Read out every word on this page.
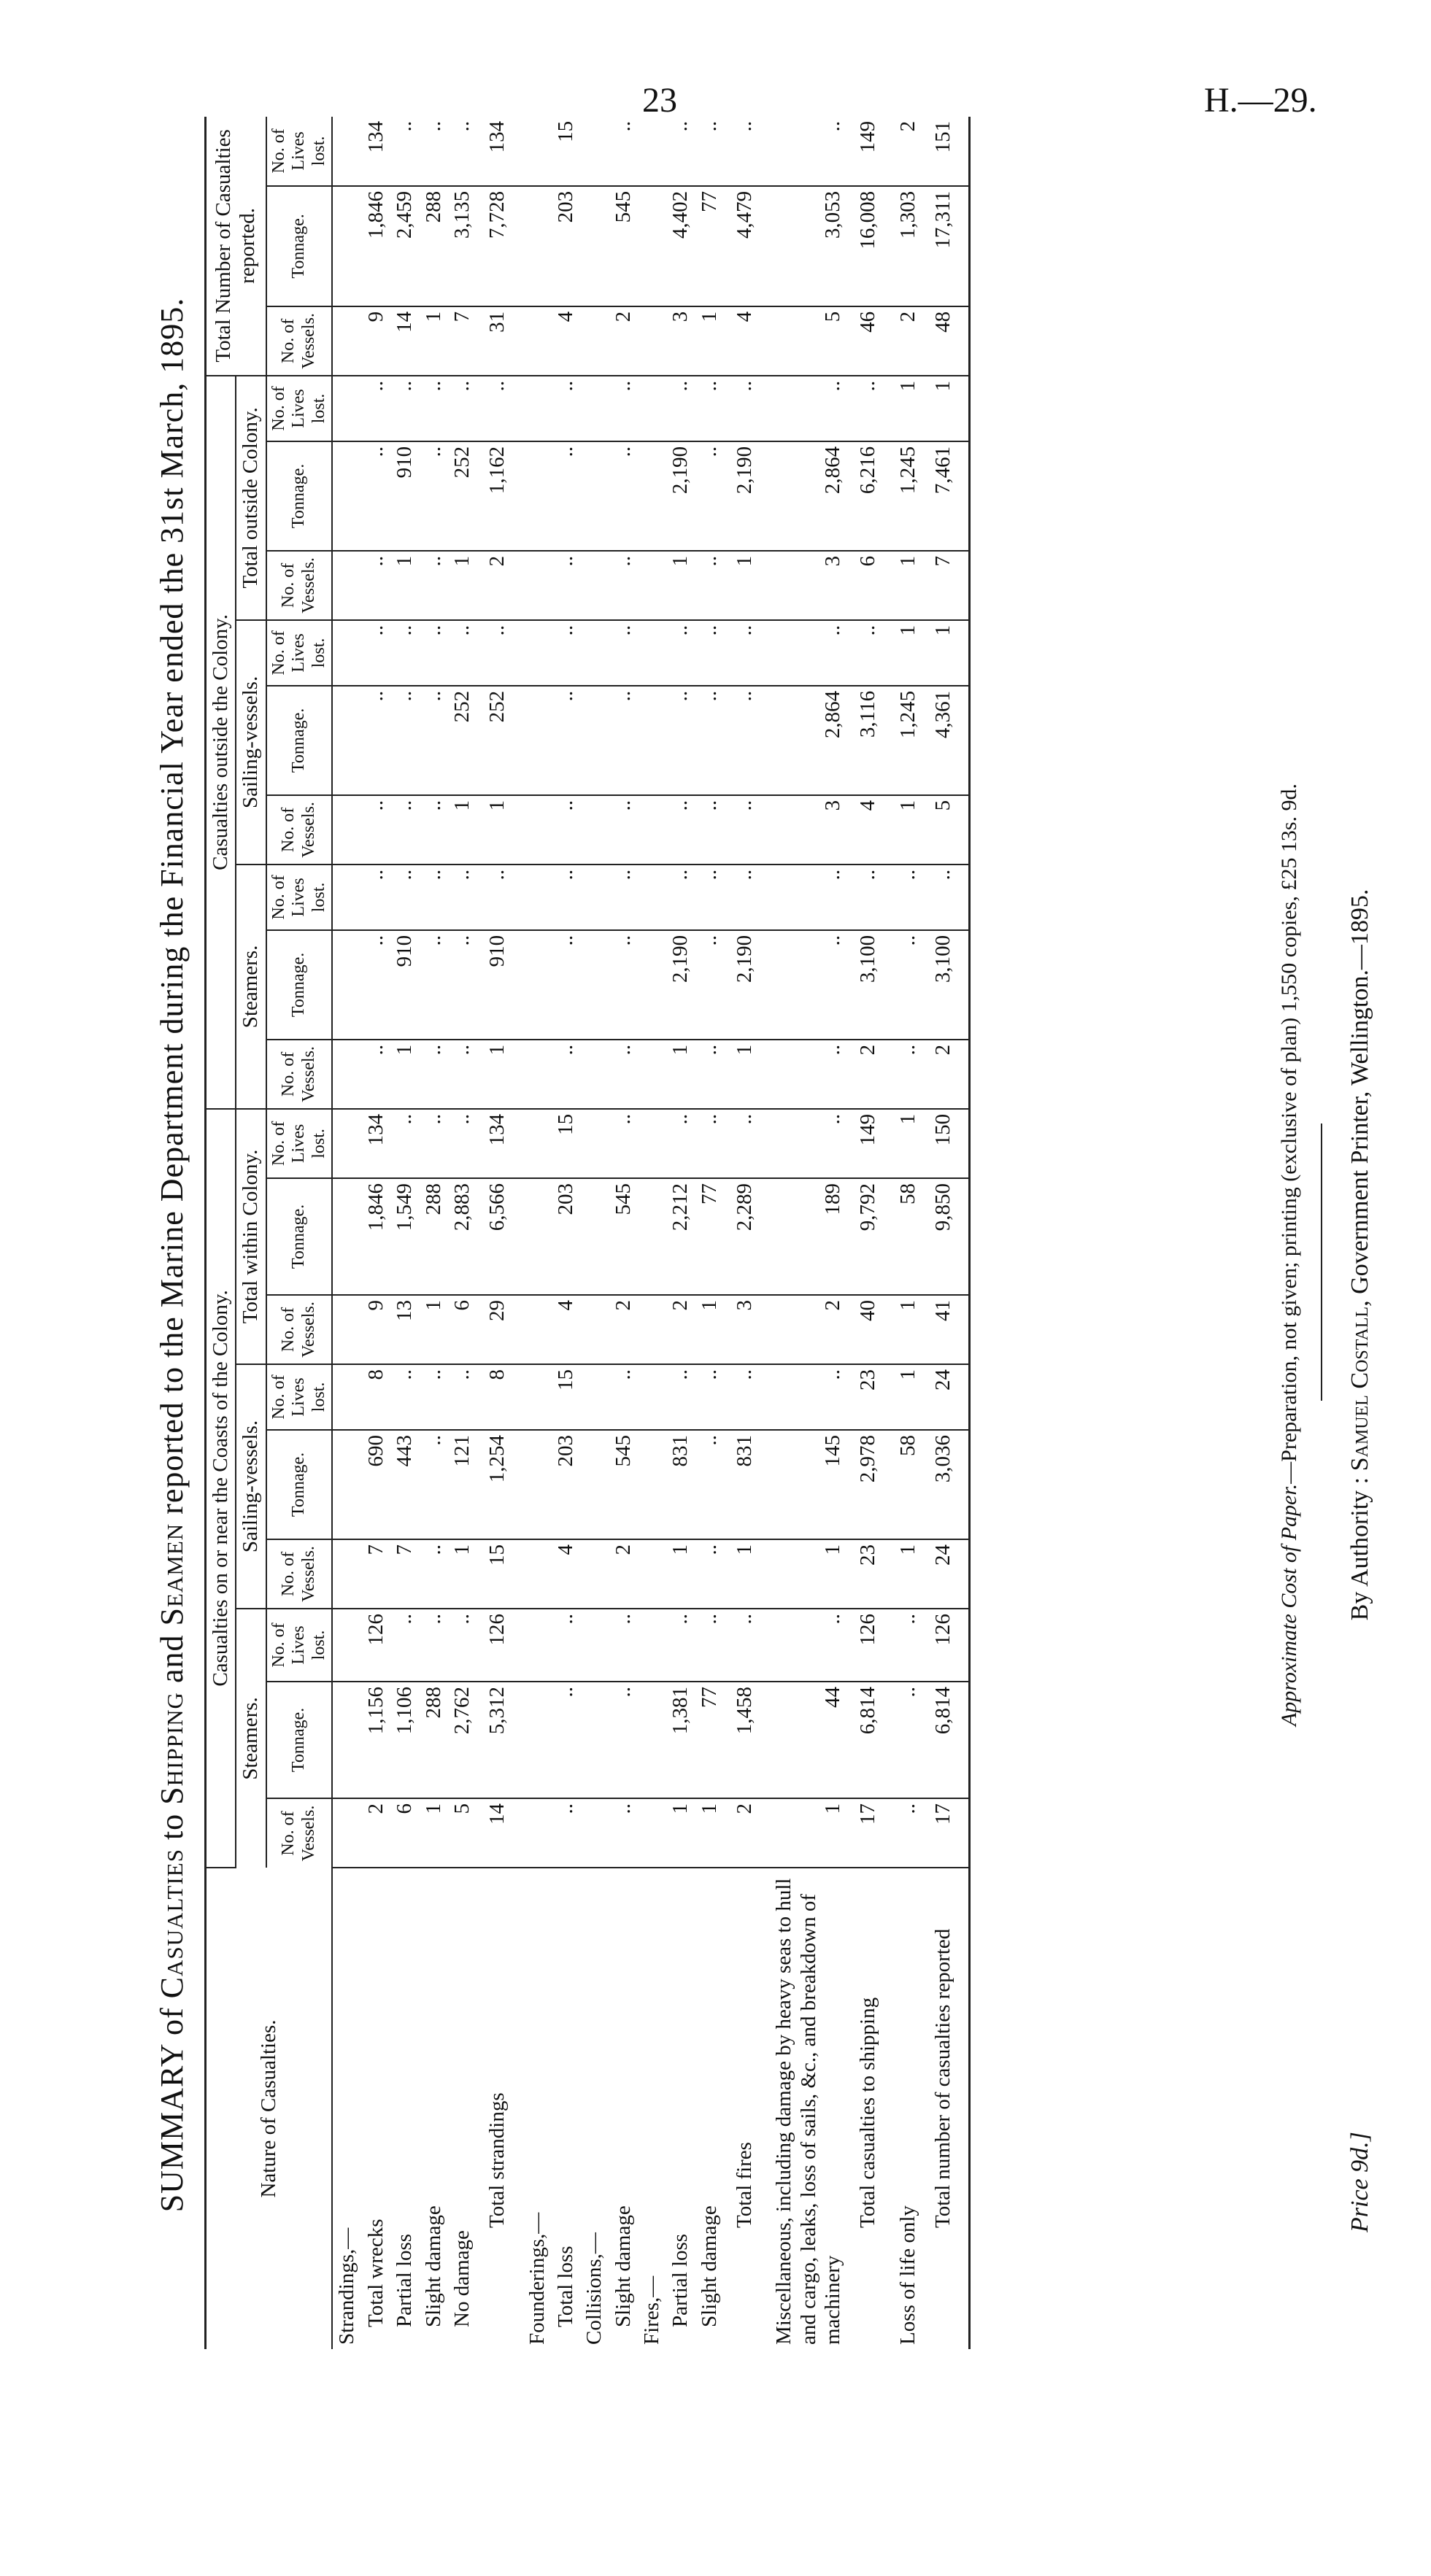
23	H.—29.
SUMMARY of Casualties to Shipping and Seamen reported to the Marine Department during the Financial Year ended the 31st March, 1895.
Nature of Casualties.	Casualties on or near the Coasts of the Colony.									Casualties outside the Colony.									Total Number of Casualties reported.		
	Steamers.			Sailing-vessels.			Total within Colony.			Steamers.			Sailing-vessels.			Total outside Colony.					
	No. of Vessels.	Tonnage.	No. of Lives lost.	No. of Vessels.	Tonnage.	No. of Lives lost.	No. of Vessels.	Tonnage.	No. of Lives lost.	No. of Vessels.	Tonnage.	No. of Lives lost.	No. of Vessels.	Tonnage.	No. of Lives lost.	No. of Vessels.	Tonnage.	No. of Lives lost.	No. of Vessels.	Tonnage.	No. of Lives lost.
Strandings,—																					

Total wrecks	2	1,156	126	7	690	8	9	1,846	134	..	..	..	..	..	..	..	..	..	9	1,846	134

Partial loss	6	1,106	..	7	443	..	13	1,549	..	1	910	..	..	..	..	1	910	..	14	2,459	..

Slight damage	1	288	..	..	..	..	1	288	..	..	..	..	..	..	..	..	..	..	1	288	..

No damage	5	2,762	..	1	121	..	6	2,883	..	..	..	..	1	252	..	1	252	..	7	3,135	..

Total strandings	14	5,312	126	15	1,254	8	29	6,566	134	1	910	..	1	252	..	2	1,162	..	31	7,728	134
Founderings,—																					

Total loss	..	..	..	4	203	15	4	203	15	..	..	..	..	..	..	..	..	..	4	203	15
Collisions,—																					

Slight damage	..	..	..	2	545	..	2	545	..	..	..	..	..	..	..	..	..	..	2	545	..
Fires,—																					

Partial loss	1	1,381	..	1	831	..	2	2,212	..	1	2,190	..	..	..	..	1	2,190	..	3	4,402	..

Slight damage	1	77	..	..	..	..	1	77	..	..	..	..	..	..	..	..	..	..	1	77	..

Total fires	2	1,458	..	1	831	..	3	2,289	..	1	2,190	..	..	..	..	1	2,190	..	4	4,479	..
Miscellaneous, including damage by heavy seas to hull and cargo, leaks, loss of sails, &c., and breakdown of machinery	1	44	..	1	145	..	2	189	..	..	..	..	3	2,864	..	3	2,864	..	5	3,053	..

Total casualties to shipping	17	6,814	126	23	2,978	23	40	9,792	149	2	3,100	..	4	3,116	..	6	6,216	..	46	16,008	149
Loss of life only	..	..	..	1	58	1	1	58	1	..	..	..	1	1,245	1	1	1,245	1	2	1,303	2

Total number of casualties reported	17	6,814	126	24	3,036	24	41	9,850	150	2	3,100	..	5	4,361	1	7	7,461	1	48	17,311	151
Approximate Cost of Paper.—Preparation, not given; printing (exclusive of plan) 1,550 copies, £25 13s. 9d.
Price 9d.]
By Authority : Samuel Costall, Government Printer, Wellington.—1895.
